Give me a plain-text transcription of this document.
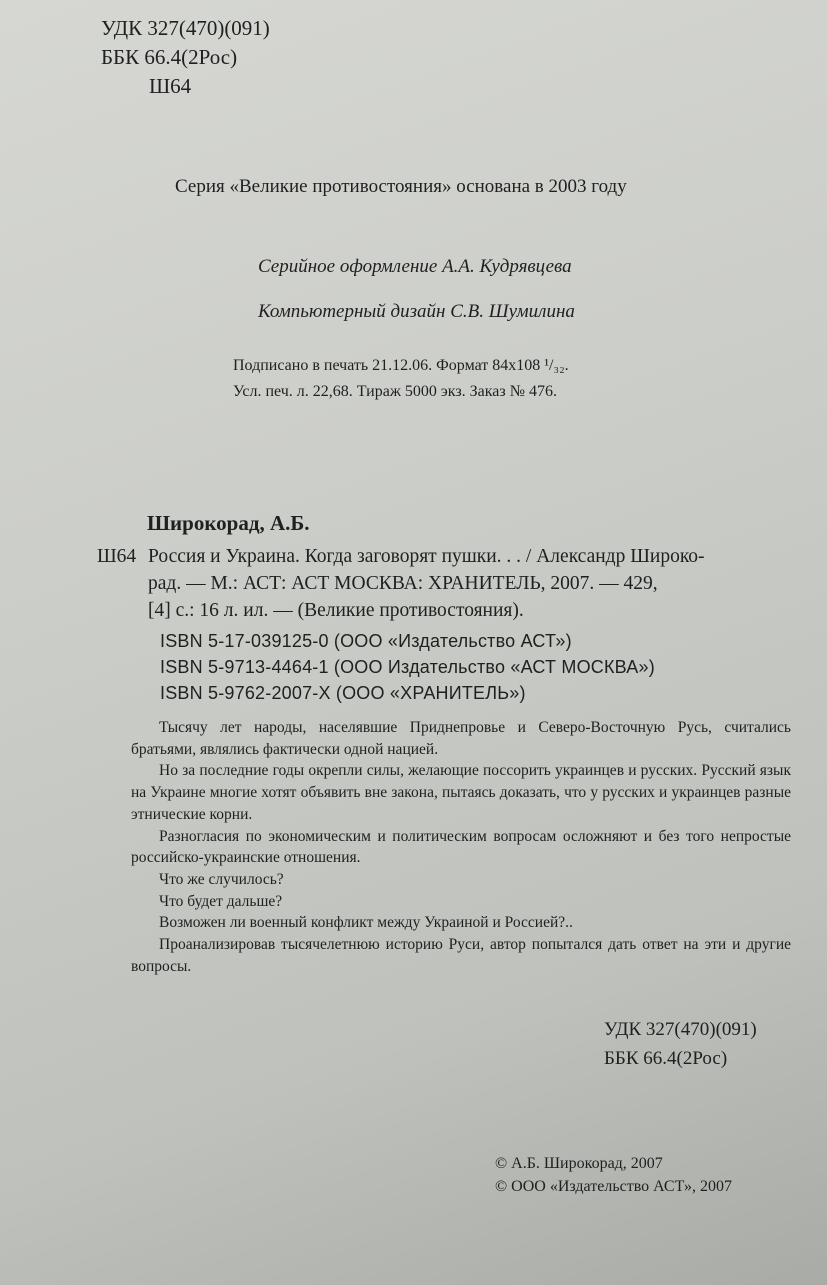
УДК 327(470)(091)
ББК 66.4(2Рос)
Ш64
Серия «Великие противостояния» основана в 2003 году
Серийное оформление А.А. Кудрявцева
Компьютерный дизайн С.В. Шумилина
Подписано в печать 21.12.06. Формат 84х108 ¹/₃₂.
Усл. печ. л. 22,68. Тираж 5000 экз. Заказ № 476.
Широкорад, А.Б.
Ш64 Россия и Украина. Когда заговорят пушки. . . / Александр Широко-
рад. — М.: АСТ: АСТ МОСКВА: ХРАНИТЕЛЬ, 2007. — 429,
[4] с.: 16 л. ил. — (Великие противостояния).
ISBN 5-17-039125-0 (ООО «Издательство АСТ»)
ISBN 5-9713-4464-1 (ООО Издательство «АСТ МОСКВА»)
ISBN 5-9762-2007-Х (ООО «ХРАНИТЕЛЬ»)

Тысячу лет народы, населявшие Приднепровье и Северо-Восточную Русь, считались братьями, являлись фактически одной нацией.

Но за последние годы окрепли силы, желающие поссорить украинцев и русских. Русский язык на Украине многие хотят объявить вне закона, пытаясь доказать, что у русских и украинцев разные этнические корни.

Разногласия по экономическим и политическим вопросам осложняют и без того непростые российско-украинские отношения.

Что же случилось?

Что будет дальше?

Возможен ли военный конфликт между Украиной и Россией?..

Проанализировав тысячелетнюю историю Руси, автор попытался дать ответ на эти и другие вопросы.

УДК 327(470)(091)
ББК 66.4(2Рос)
© А.Б. Широкорад, 2007
© ООО «Издательство АСТ», 2007
